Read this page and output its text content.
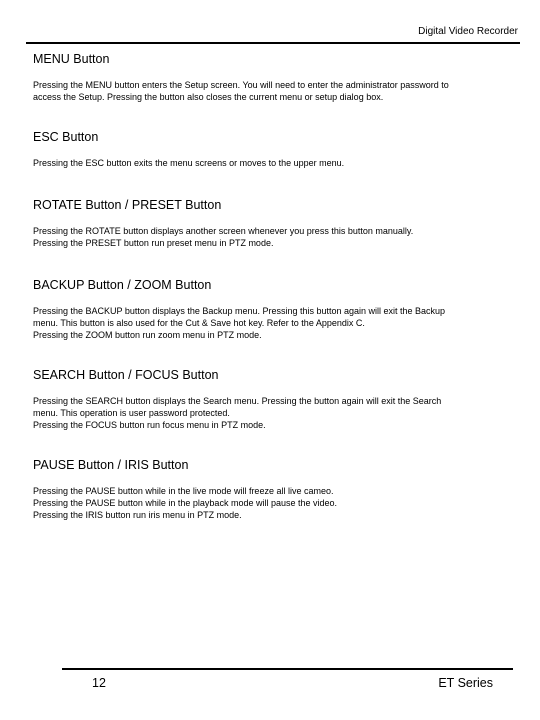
Digital Video Recorder
MENU Button
Pressing the MENU button enters the Setup screen. You will need to enter the administrator password to
access the Setup. Pressing the button also closes the current menu or setup dialog box.
ESC Button
Pressing the ESC button exits the menu screens or moves to the upper menu.
ROTATE Button / PRESET Button
Pressing the ROTATE button displays another screen whenever you press this button manually.
Pressing the PRESET button run preset menu in PTZ mode.
BACKUP Button / ZOOM Button
Pressing the BACKUP button displays the Backup menu. Pressing this button again will exit the Backup
menu. This button is also used for the Cut & Save hot key. Refer to the Appendix C.
Pressing the ZOOM button run zoom menu in PTZ mode.
SEARCH Button / FOCUS Button
Pressing the SEARCH button displays the Search menu. Pressing the button again will exit the Search
menu. This operation is user password protected.
Pressing the FOCUS button run focus menu in PTZ mode.
PAUSE Button / IRIS Button
Pressing the PAUSE button while in the live mode will freeze all live cameo.
Pressing the PAUSE button while in the playback mode will pause the video.
Pressing the IRIS button run iris menu in PTZ mode.
12	ET Series
